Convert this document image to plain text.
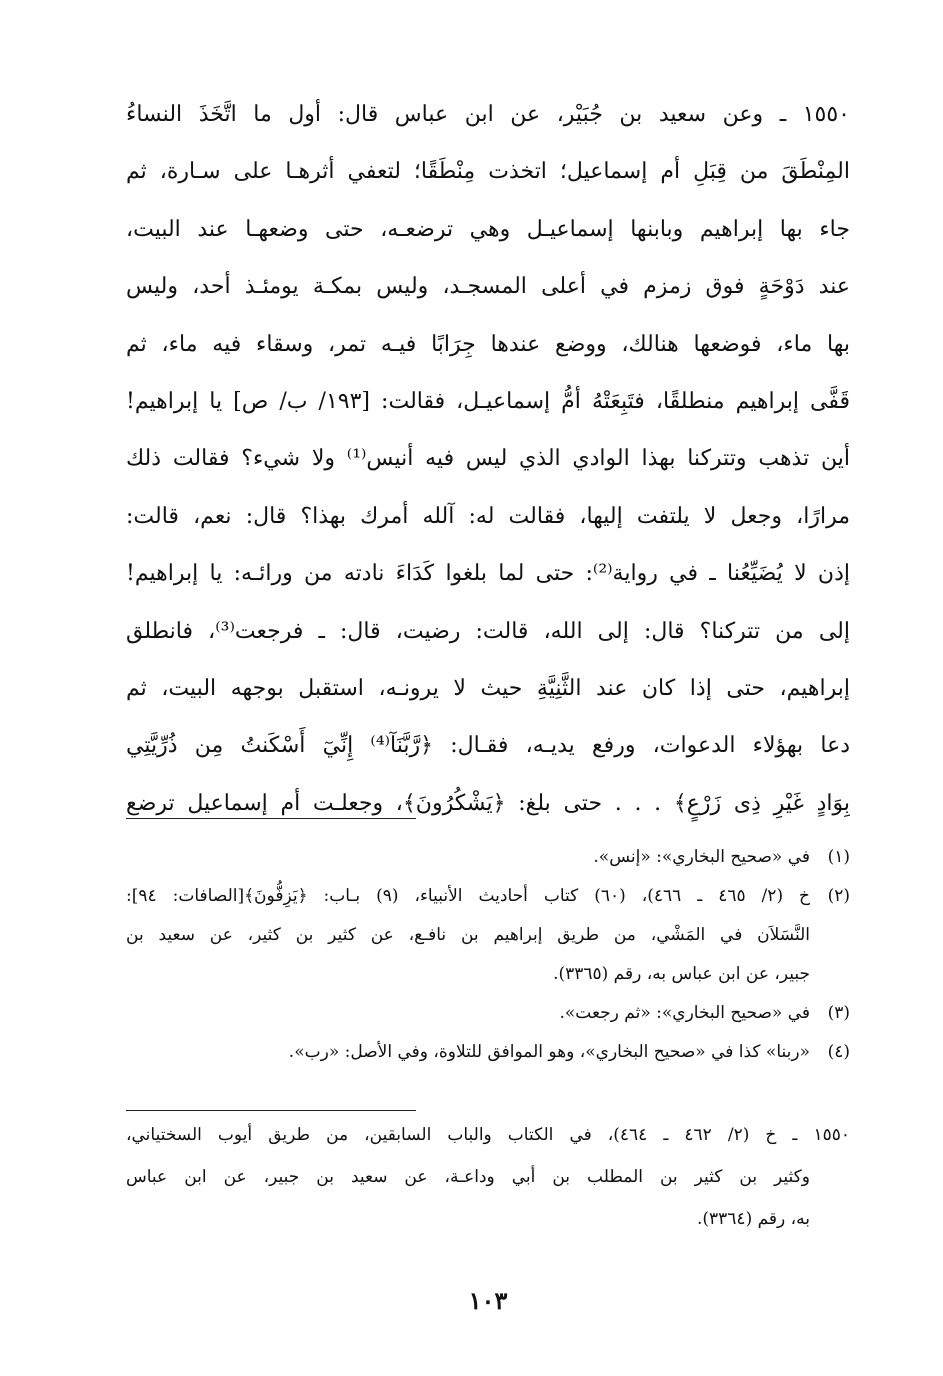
١٥٥٠ ـ وعن سعيد بن جُبَيْر، عن ابن عباس قال: أول ما اتَّخَذَ النساءُ
المِنْطَقَ من قِبَلِ أم إسماعيل؛ اتخذت مِنْطَقًا؛ لتعفي أثرهـا على سـارة، ثم
جاء بها إبراهيم وبابنها إسماعيـل وهي ترضعـه، حتى وضعهـا عند البيت،
عند دَوْحَةٍ فوق زمزم في أعلى المسجـد، وليس بمكـة يومئـذ أحد، وليس
بها ماء، فوضعها هنالك، ووضع عندها جِرَابًا فيـه تمر، وسقاء فيه ماء، ثم
قَفَّى إبراهيم منطلقًا، فتَبِعَتْهُ أمُّ إسماعيـل، فقالت: [١٩٣/ ب/ ص] يا إبراهيم!
أين تذهب وتتركنا بهذا الوادي الذي ليس فيه أنيس⁽¹⁾ ولا شيء؟ فقالت ذلك
مرارًا، وجعل لا يلتفت إليها، فقالت له: آلله أمرك بهذا؟ قال: نعم، قالت:
إذن لا يُضَيِّعُنا ـ في رواية⁽²⁾: حتى لما بلغوا كَدَاءَ نادته من ورائـه: يا إبراهيم!
إلى من تتركنا؟ قال: إلى الله، قالت: رضيت، قال: ـ فرجعت⁽³⁾، فانطلق
إبراهيم، حتى إذا كان عند الثَّنِيَّةِ حيث لا يرونـه، استقبل بوجهه البيت، ثم
دعا بهؤلاء الدعوات، ورفع يديـه، فقـال: ﴿رَّبَّنَآ⁽⁴⁾ إِنِّيٓ أَسْكَنتُ مِن ذُرِّيَّتِي
بِوَادٍ غَيْرِ ذِى زَرْعٍ﴾ . . . حتى بلغ: ﴿يَشْكُرُونَ﴾، وجعلـت أم إسماعيل ترضع
(١)
في «صحيح البخاري»: «إنس».
(٢)
خ (٢/ ٤٦٥ ـ ٤٦٦)، (٦٠) كتاب أحاديث الأنبياء، (٩) بـاب: ﴿يَزِفُّونَ﴾[الصافات: ٩٤]:
النَّسَلاَن في المَشْي، من طريق إبراهيم بن نافـع، عن كثير بن كثير، عن سعيد بن
جبير، عن ابن عباس به، رقم (٣٣٦٥).
(٣)
في «صحيح البخاري»: «ثم رجعت».
(٤)
«ربنا» كذا في «صحيح البخاري»، وهو الموافق للتلاوة، وفي الأصل: «رب».
١٥٥٠ ـ خ (٢/ ٤٦٢ ـ ٤٦٤)، في الكتاب والباب السابقين، من طريق أيوب السختياني،
وكثير بن كثير بن المطلب بن أبي وداعـة، عن سعيد بن جبير، عن ابن عباس
به، رقم (٣٣٦٤).
١٠٣
